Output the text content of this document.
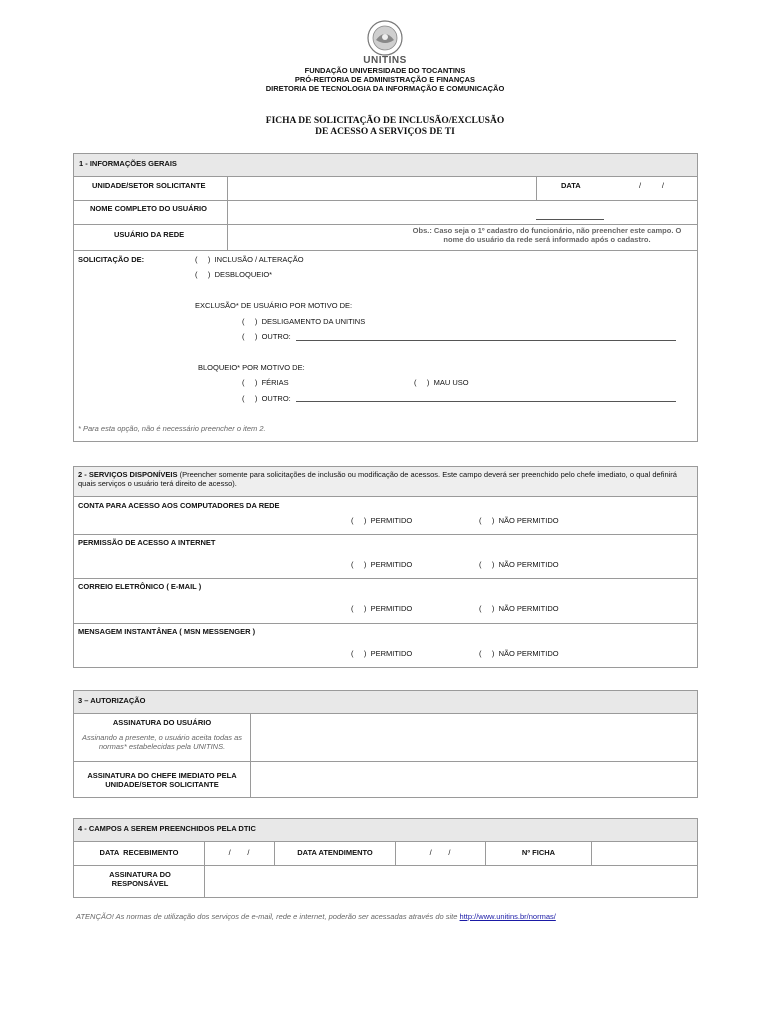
UNITINS
FUNDAÇÃO UNIVERSIDADE DO TOCANTINS
PRÓ-REITORIA DE ADMINISTRAÇÃO E FINANÇAS
DIRETORIA DE TECNOLOGIA DA INFORMAÇÃO E COMUNICAÇÃO
FICHA DE SOLICITAÇÃO DE INCLUSÃO/EXCLUSÃO
DE ACESSO A SERVIÇOS DE TI
1 - INFORMAÇÕES GERAIS
UNIDADE/SETOR SOLICITANTE	DATA	/          /
NOME COMPLETO DO USUÁRIO
USUÁRIO DA REDE	Obs.: Caso seja o 1º cadastro do funcionário, não preencher este campo. O nome do usuário da rede será informado após o cadastro.
SOLICITAÇÃO DE:	(     )  INCLUSÃO / ALTERAÇÃO
(     )  DESBLOQUEIO*
EXCLUSÃO* DE USUÁRIO POR MOTIVO DE:
(     )  DESLIGAMENTO DA UNITINS
(     )  OUTRO:
BLOQUEIO* POR MOTIVO DE:
(     )  FÉRIAS	(     )  MAU USO
(     )  OUTRO:
* Para esta opção, não é necessário preencher o item 2.
2 - SERVIÇOS DISPONÍVEIS (Preencher somente para solicitações de inclusão ou modificação de acessos. Este campo deverá ser preenchido pelo chefe imediato, o qual definirá quais serviços o usuário terá direito de acesso).
CONTA PARA ACESSO AOS COMPUTADORES DA REDE
(     )  PERMITIDO	(     )  NÃO PERMITIDO
PERMISSÃO DE ACESSO A INTERNET
(     )  PERMITIDO	(     )  NÃO PERMITIDO
CORREIO ELETRÔNICO ( E-MAIL )
(     )  PERMITIDO	(     )  NÃO PERMITIDO
MENSAGEM INSTANTÂNEA ( MSN MESSENGER )
(     )  PERMITIDO	(     )  NÃO PERMITIDO
3 – AUTORIZAÇÃO
ASSINATURA DO USUÁRIO
Assinando a presente, o usuário aceita todas as normas* estabelecidas pela UNITINS.
ASSINATURA DO CHEFE IMEDIATO PELA UNIDADE/SETOR SOLICITANTE
4 - CAMPOS A SEREM PREENCHIDOS PELA DTIC
DATA  RECEBIMENTO	/        /	DATA ATENDIMENTO	/        /	Nº FICHA
ASSINATURA DO RESPONSÁVEL
ATENÇÃO! As normas de utilização dos serviços de e-mail, rede e internet, poderão ser acessadas através do site http://www.unitins.br/normas/
